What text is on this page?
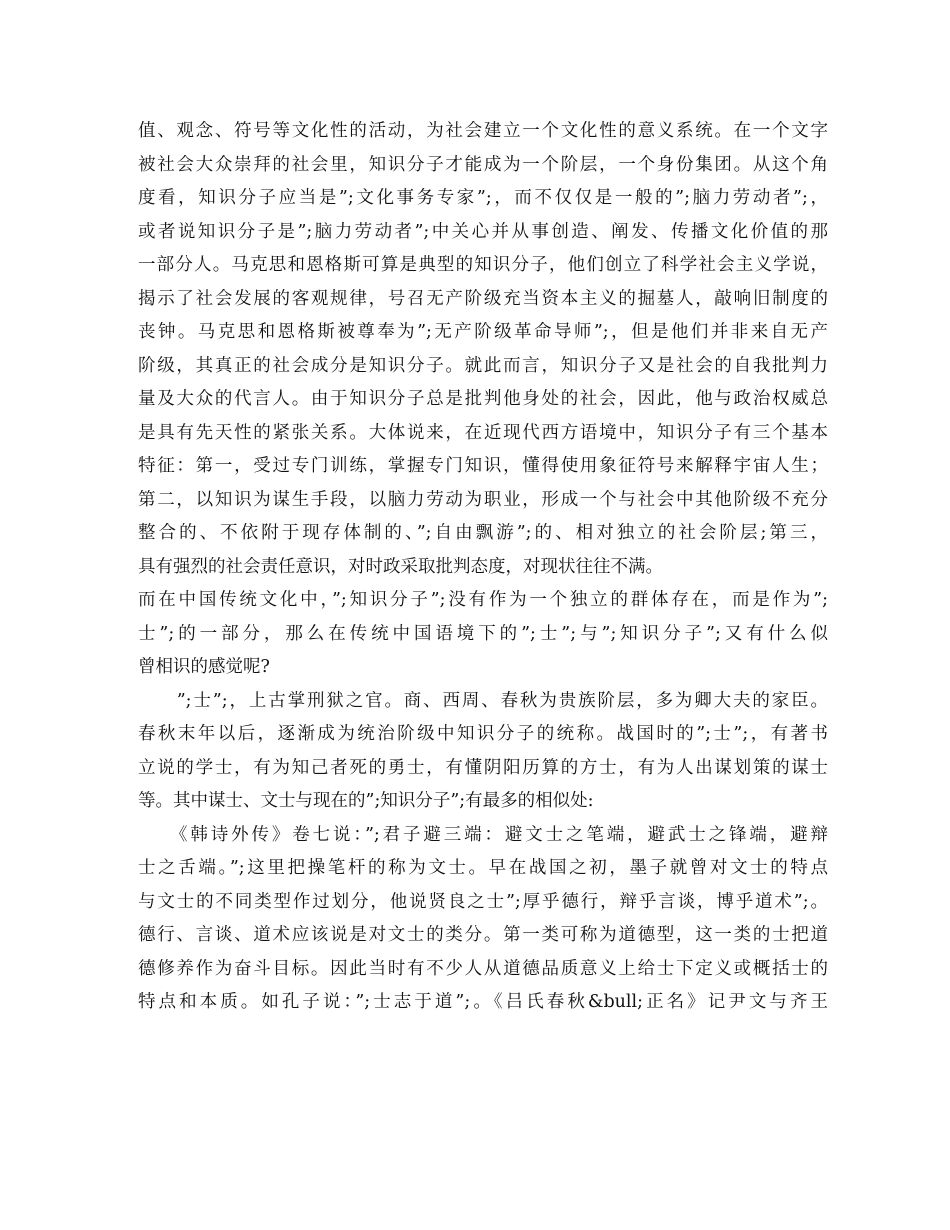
值、观念、符号等文化性的活动，为社会建立一个文化性的意义系统。在一个文字
被社会大众崇拜的社会里，知识分子才能成为一个阶层，一个身份集团。从这个角
度看，知识分子应当是”;文化事务专家”;，而不仅仅是一般的”;脑力劳动者”;，
或者说知识分子是”;脑力劳动者”;中关心并从事创造、阐发、传播文化价值的那
一部分人。马克思和恩格斯可算是典型的知识分子，他们创立了科学社会主义学说，
揭示了社会发展的客观规律，号召无产阶级充当资本主义的掘墓人，敲响旧制度的
丧钟。马克思和恩格斯被尊奉为”;无产阶级革命导师”;，但是他们并非来自无产
阶级，其真正的社会成分是知识分子。就此而言，知识分子又是社会的自我批判力
量及大众的代言人。由于知识分子总是批判他身处的社会，因此，他与政治权威总
是具有先天性的紧张关系。大体说来，在近现代西方语境中，知识分子有三个基本
特征：第一，受过专门训练，掌握专门知识，懂得使用象征符号来解释宇宙人生；
第二，以知识为谋生手段，以脑力劳动为职业，形成一个与社会中其他阶级不充分
整合的、不依附于现存体制的、”;自由飘游”;的、相对独立的社会阶层;第三，
具有强烈的社会责任意识，对时政采取批判态度，对现状往往不满。
而在中国传统文化中，”;知识分子”;没有作为一个独立的群体存在，而是作为”;
士”;的一部分，那么在传统中国语境下的”;士”;与”;知识分子”;又有什么似
曾相识的感觉呢?
　　”;士”;，上古掌刑狱之官。商、西周、春秋为贵族阶层，多为卿大夫的家臣。
春秋末年以后，逐渐成为统治阶级中知识分子的统称。战国时的”;士”;，有著书
立说的学士，有为知己者死的勇士，有懂阴阳历算的方士，有为人出谋划策的谋士
等。其中谋士、文士与现在的”;知识分子”;有最多的相似处:
　　《韩诗外传》卷七说：”;君子避三端：避文士之笔端，避武士之锋端，避辩
士之舌端。”;这里把操笔杆的称为文士。早在战国之初，墨子就曾对文士的特点
与文士的不同类型作过划分，他说贤良之士”;厚乎德行，辩乎言谈，博乎道术”;。
德行、言谈、道术应该说是对文士的类分。第一类可称为道德型，这一类的士把道
德修养作为奋斗目标。因此当时有不少人从道德品质意义上给士下定义或概括士的
特点和本质。如孔子说：”;士志于道”;。《吕氏春秋&bull;正名》记尹文与齐王
